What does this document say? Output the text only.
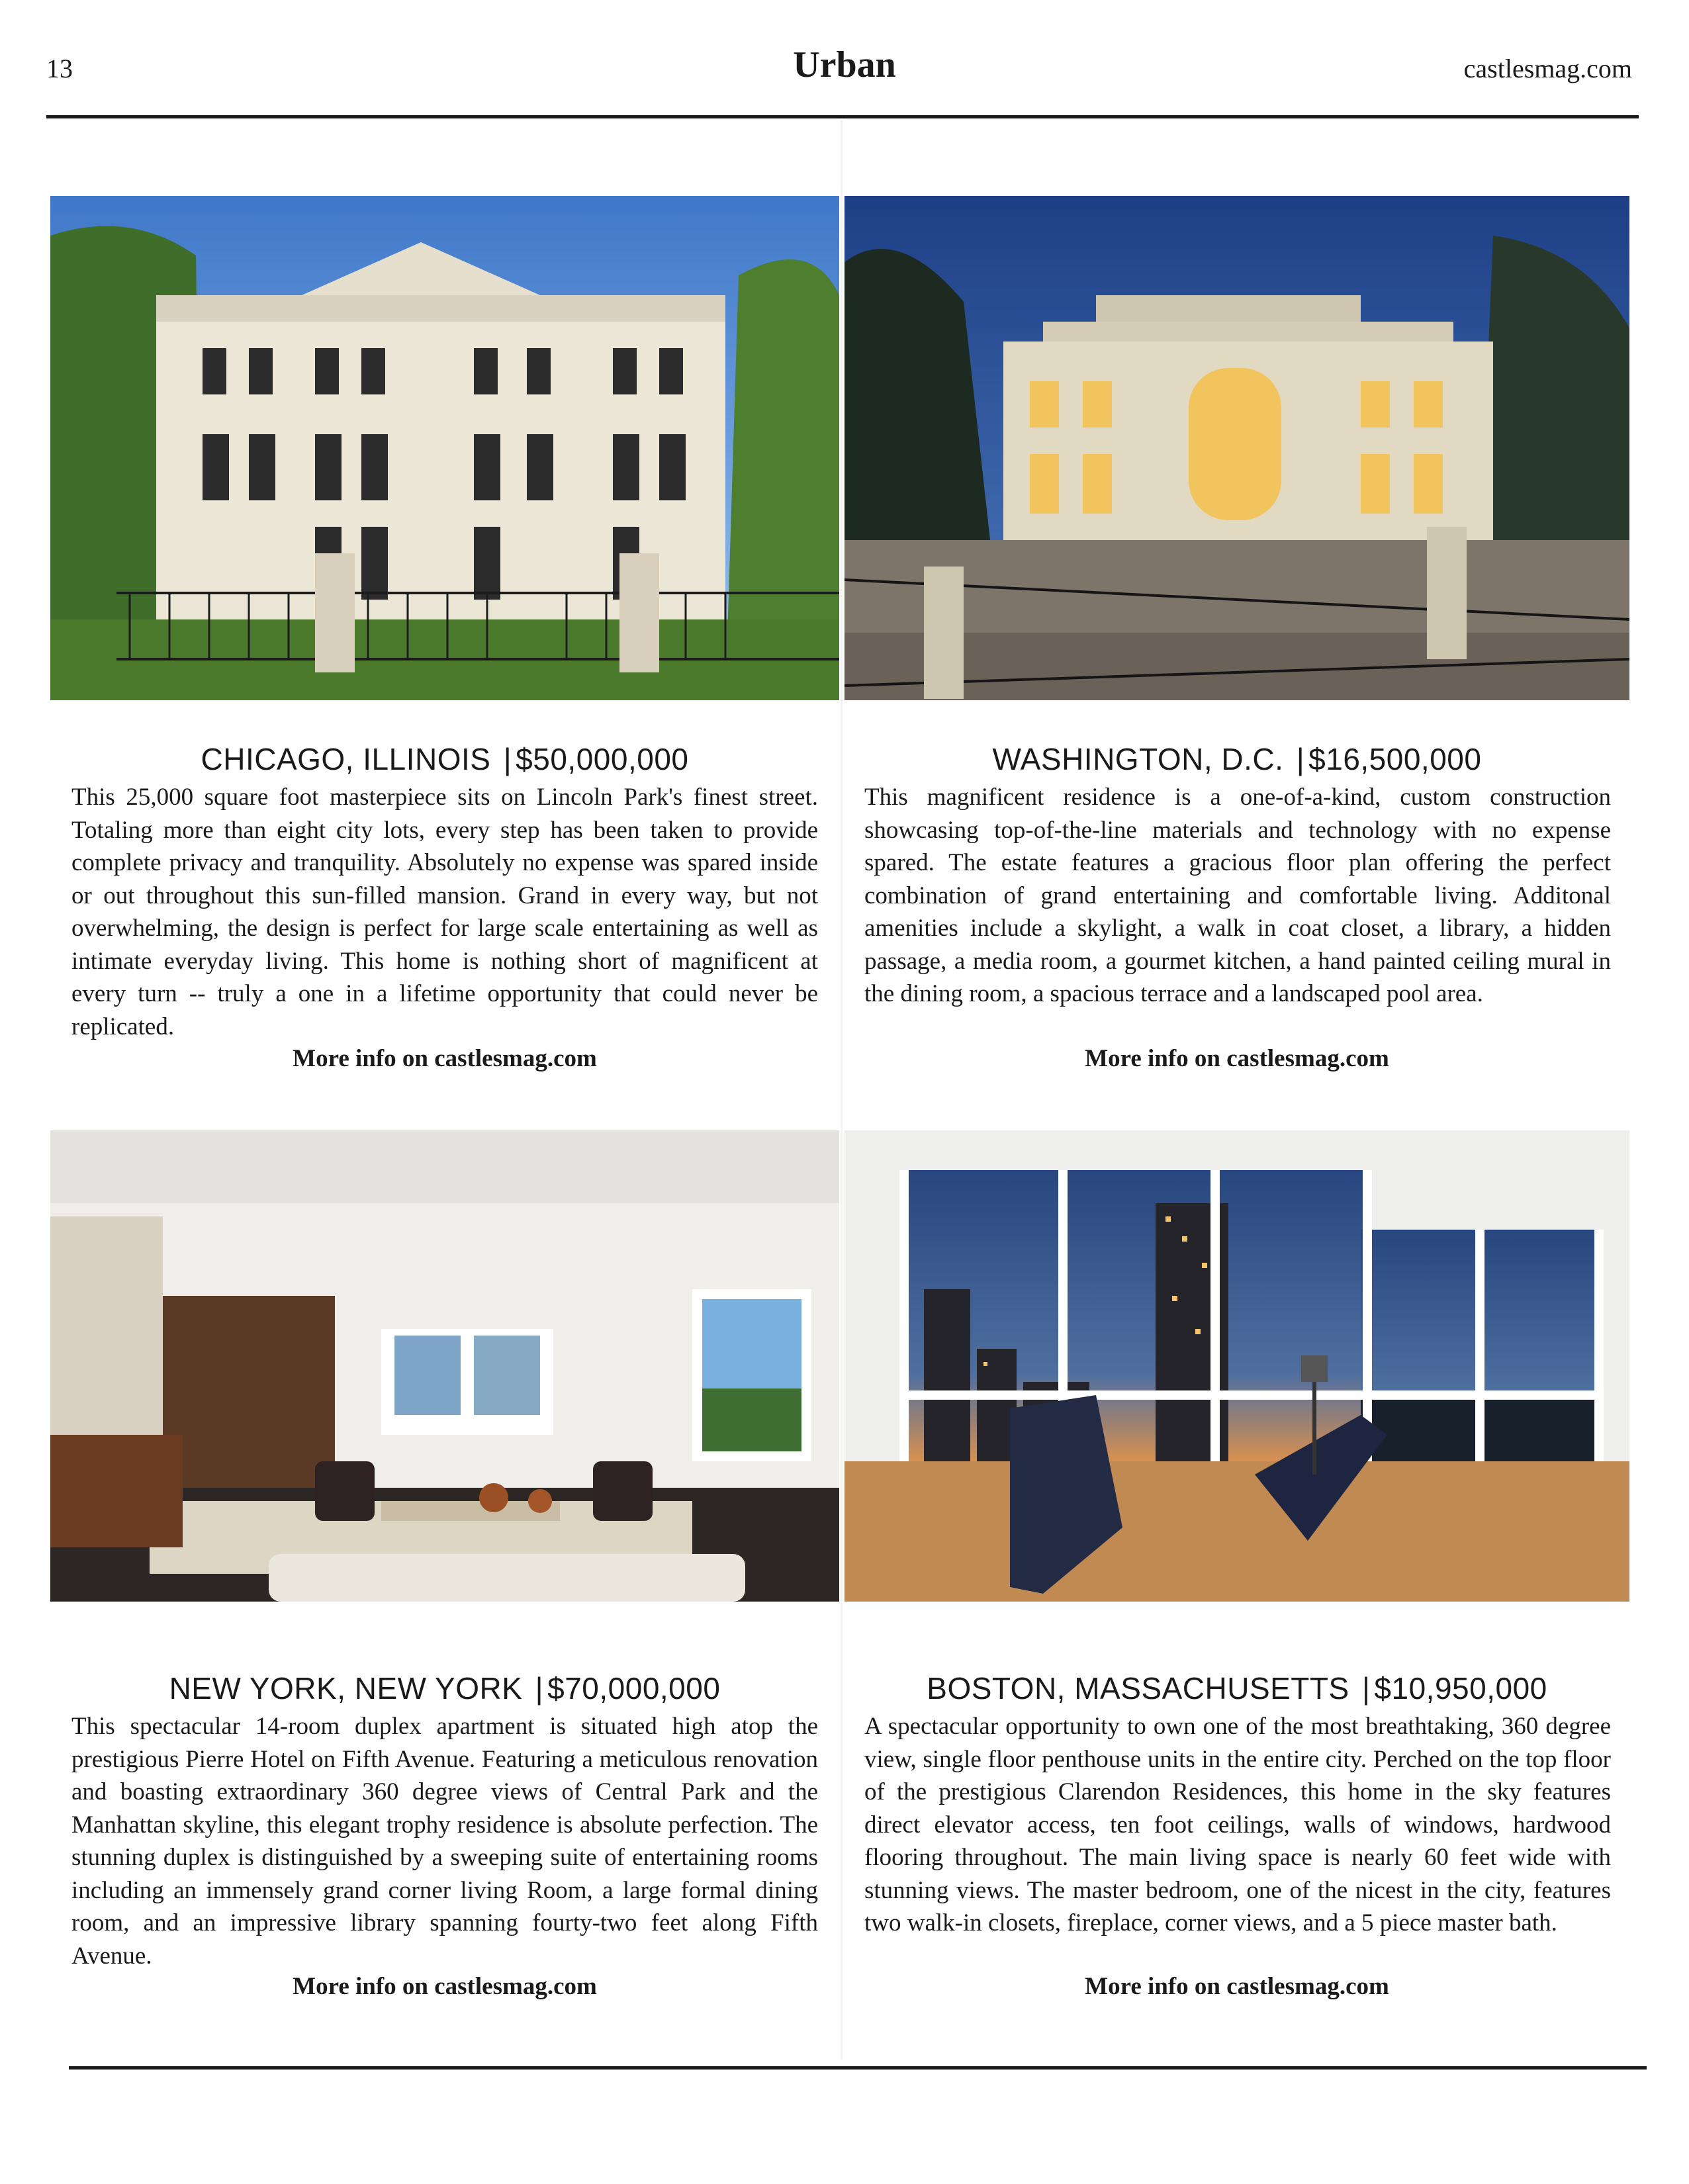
13	Urban	castlesmag.com
CHICAGO, ILLINOIS | $50,000,000
This 25,000 square foot masterpiece sits on Lincoln Park's finest street. Totaling more than eight city lots, every step has been taken to provide complete privacy and tranquility. Absolutely no expense was spared inside or out throughout this sun-filled mansion. Grand in every way, but not overwhelming, the design is perfect for large scale entertaining as well as intimate everyday living. This home is nothing short of magnificent at every turn -- truly a one in a lifetime opportunity that could never be replicated.
More info on castlesmag.com
WASHINGTON, D.C. | $16,500,000
This magnificent residence is a one-of-a-kind, custom construction showcasing top-of-the-line materials and technology with no expense spared. The estate features a gracious floor plan offering the perfect combination of grand entertaining and comfortable living. Additonal amenities include a skylight, a walk in coat closet, a library, a hidden passage, a media room, a gourmet kitchen, a hand painted ceiling mural in the dining room, a spacious terrace and a landscaped pool area.
More info on castlesmag.com
NEW YORK, NEW YORK | $70,000,000
This spectacular 14-room duplex apartment is situated high atop the prestigious Pierre Hotel on Fifth Avenue. Featuring a meticulous renovation and boasting extraordinary 360 degree views of Central Park and the Manhattan skyline, this elegant trophy residence is absolute perfection. The stunning duplex is distinguished by a sweeping suite of entertaining rooms including an immensely grand corner living Room, a large formal dining room, and an impressive library spanning fourty-two feet along Fifth Avenue.
More info on castlesmag.com
BOSTON, MASSACHUSETTS | $10,950,000
A spectacular opportunity to own one of the most breathtaking, 360 degree view, single floor penthouse units in the entire city. Perched on the top floor of the prestigious Clarendon Residences, this home in the sky features direct elevator access, ten foot ceilings, walls of windows, hardwood flooring throughout. The main living space is nearly 60 feet wide with stunning views. The master bedroom, one of the nicest in the city, features two walk-in closets, fireplace, corner views, and a 5 piece master bath.
More info on castlesmag.com
